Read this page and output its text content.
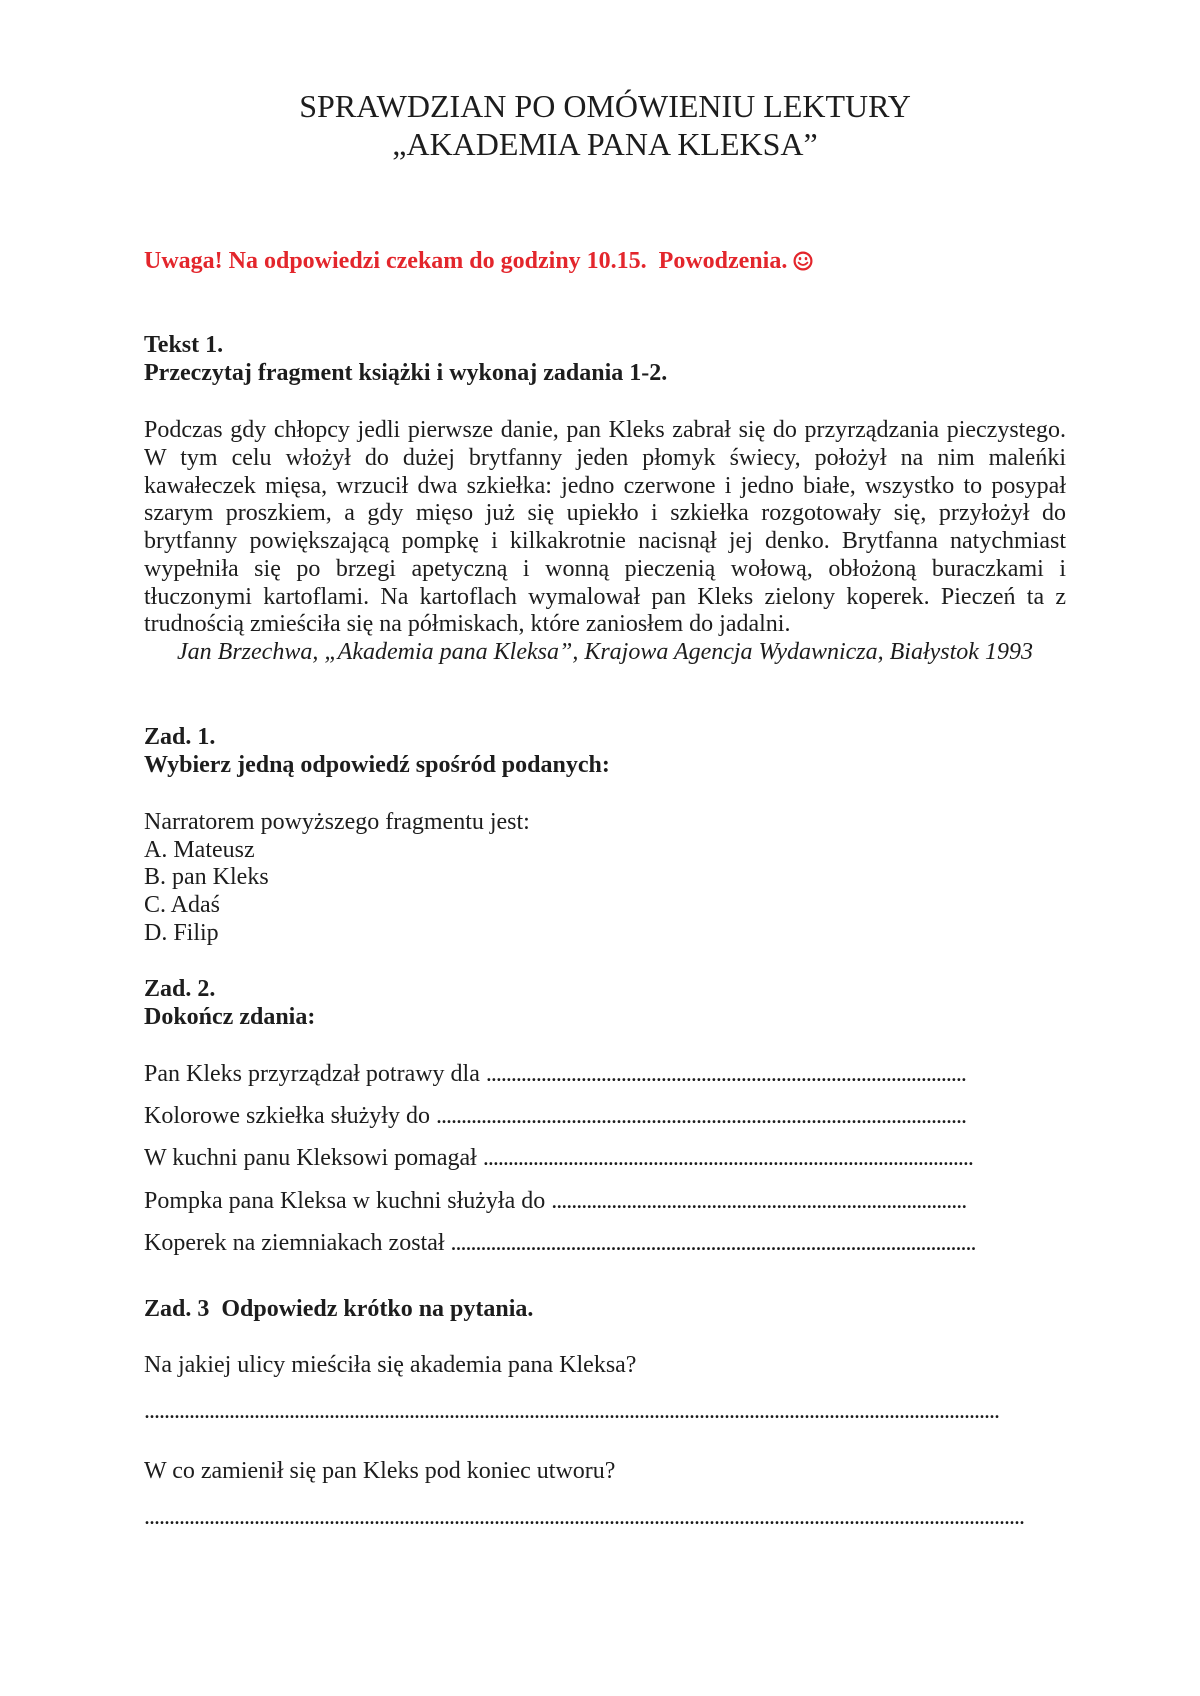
SPRAWDZIAN PO OMÓWIENIU LEKTURY
„AKADEMIA PANA KLEKSA”
Uwaga! Na odpowiedzi czekam do godziny 10.15.  Powodzenia.
Tekst 1.
Przeczytaj fragment książki i wykonaj zadania 1-2.
Podczas gdy chłopcy jedli pierwsze danie, pan Kleks zabrał się do przyrządzania pieczystego.
W tym celu włożył do dużej brytfanny jeden płomyk świecy, położył na nim maleńki
kawałeczek mięsa, wrzucił dwa szkiełka: jedno czerwone i jedno białe, wszystko to posypał
szarym proszkiem, a gdy mięso już się upiekło i szkiełka rozgotowały się, przyłożył do
brytfanny powiększającą pompkę i kilkakrotnie nacisnął jej denko. Brytfanna natychmiast
wypełniła się po brzegi apetyczną i wonną pieczenią wołową, obłożoną buraczkami i
tłuczonymi kartoflami. Na kartoflach wymalował pan Kleks zielony koperek. Pieczeń ta z
trudnością zmieściła się na półmiskach, które zaniosłem do jadalni.
Jan Brzechwa, „Akademia pana Kleksa”, Krajowa Agencja Wydawnicza, Białystok 1993
Zad. 1.
Wybierz jedną odpowiedź spośród podanych:
Narratorem powyższego fragmentu jest:
A. Mateusz
B. pan Kleks
C. Adaś
D. Filip
Zad. 2.
Dokończ zdania:
Pan Kleks przyrządzał potrawy dla ................................................................................................
Kolorowe szkiełka służyły do ..........................................................................................................
W kuchni panu Kleksowi pomagał ..................................................................................................
Pompka pana Kleksa w kuchni służyła do ...................................................................................
Koperek na ziemniakach został .........................................................................................................
Zad. 3  Odpowiedz krótko na pytania.
Na jakiej ulicy mieściła się akademia pana Kleksa?
...........................................................................................................................................................................
W co zamienił się pan Kleks pod koniec utworu?
................................................................................................................................................................................
